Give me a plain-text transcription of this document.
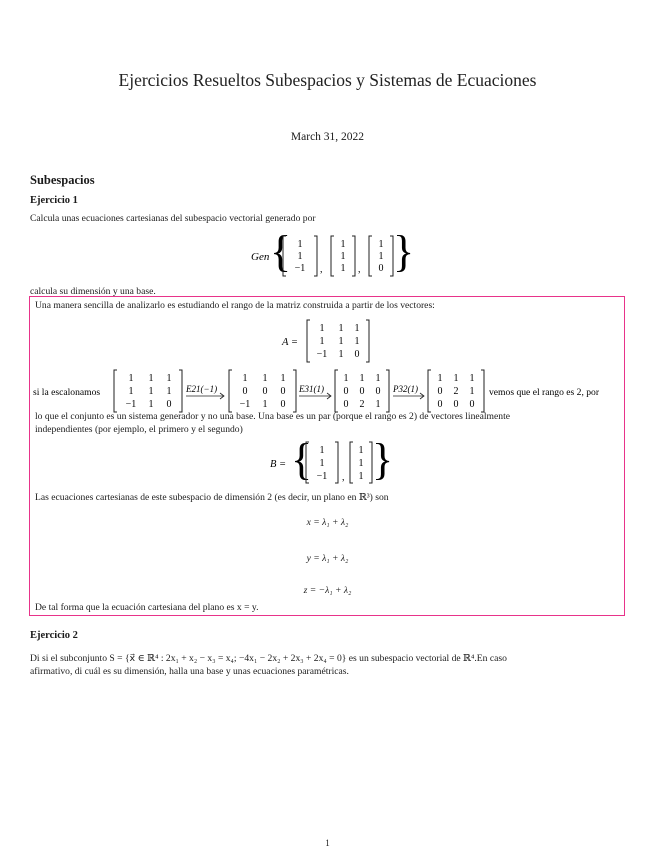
Ejercicios Resueltos Subespacios y Sistemas de Ecuaciones
March 31, 2022
Subespacios
Ejercicio 1
Calcula unas ecuaciones cartesianas del subespacio vectorial generado por
Gen { }
1
1
−1 ,
1
1
1 ,
1
1
0
calcula su dimensión y una base.
Una manera sencilla de analizarlo es estudiando el rango de la matriz construida a partir de los vectores:
A =
1 1 1
1 1 1
−1 1 0
si la escalonamos
1 1 1
1 1 1
−1 1 0
E21(−1)
1 1 1
0 0 0
−1 1 0
E31(1)
1 1 1
0 0 0
0 2 1
P32(1)
1 1 1
0 2 1
0 0 0
vemos que el rango es 2, por
lo que el conjunto es un sistema generador y no una base. Una base es un par (porque el rango es 2) de vectores linealmente
independientes (por ejemplo, el primero y el segundo)
B = { }
1
1
−1 ,
1
1
1
Las ecuaciones cartesianas de este subespacio de dimensión 2 (es decir, un plano en ℝ³) son
x = λ₁ + λ₂
y = λ₁ + λ₂
z = −λ₁ + λ₂
De tal forma que la ecuación cartesiana del plano es x = y.
Ejercicio 2
Di si el subconjunto S = {x⃗ ∈ ℝ⁴ : 2x₁ + x₂ − x₃ = x₄; −4x₁ − 2x₂ + 2x₃ + 2x₄ = 0} es un subespacio vectorial de ℝ⁴.En caso
afirmativo, di cuál es su dimensión, halla una base y unas ecuaciones paramétricas.
1
